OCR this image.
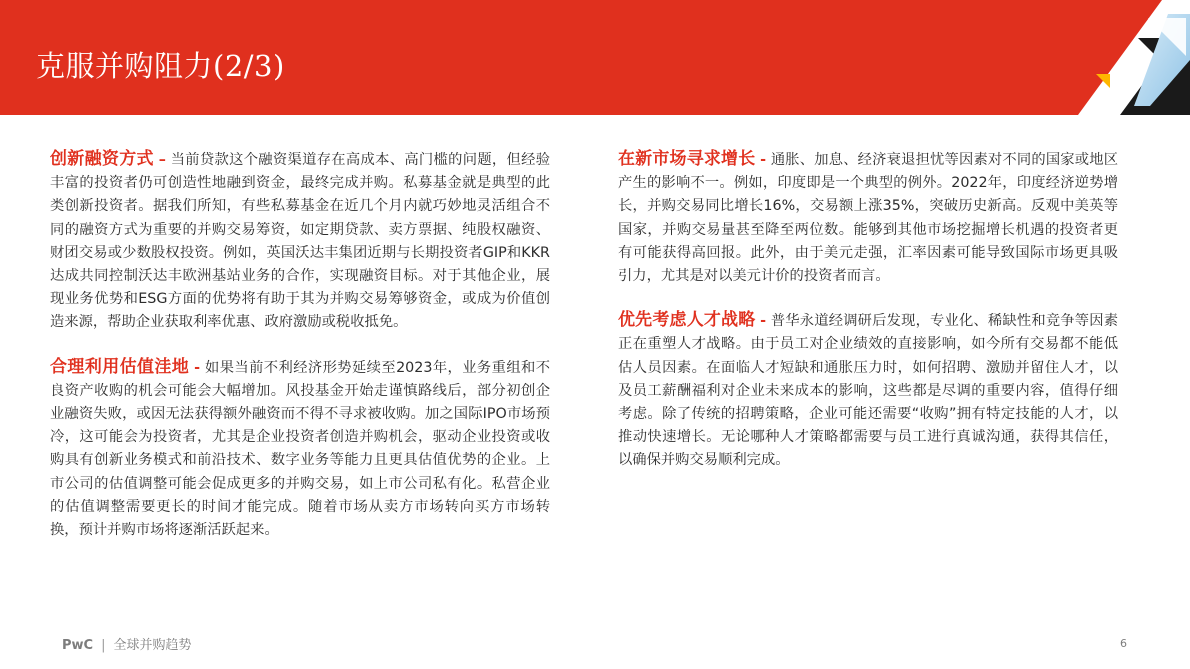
克服并购阻力(2/3)

创新融资方式 – 当前贷款这个融资渠道存在高成本、高门槛的问题，但经验丰富的投资者仍可创造性地融到资金，最终完成并购。私募基金就是典型的此类创新投资者。据我们所知，有些私募基金在近几个月内就巧妙地灵活组合不同的融资方式为重要的并购交易筹资，如定期贷款、卖方票据、纯股权融资、财团交易或少数股权投资。例如，英国沃达丰集团近期与长期投资者GIP和KKR达成共同控制沃达丰欧洲基站业务的合作，实现融资目标。对于其他企业，展现业务优势和ESG方面的优势将有助于其为并购交易筹够资金，或成为价值创造来源，帮助企业获取利率优惠、政府激励或税收抵免。

合理利用估值洼地 - 如果当前不利经济形势延续至2023年，业务重组和不良资产收购的机会可能会大幅增加。风投基金开始走谨慎路线后，部分初创企业融资失败，或因无法获得额外融资而不得不寻求被收购。加之国际IPO市场预冷，这可能会为投资者，尤其是企业投资者创造并购机会，驱动企业投资或收购具有创新业务模式和前沿技术、数字业务等能力且更具估值优势的企业。上市公司的估值调整可能会促成更多的并购交易，如上市公司私有化。私营企业的估值调整需要更长的时间才能完成。随着市场从卖方市场转向买方市场转换，预计并购市场将逐渐活跃起来。

在新市场寻求增长 - 通胀、加息、经济衰退担忧等因素对不同的国家或地区产生的影响不一。例如，印度即是一个典型的例外。2022年，印度经济逆势增长，并购交易同比增长16%，交易额上涨35%，突破历史新高。反观中美英等国家，并购交易量甚至降至两位数。能够到其他市场挖掘增长机遇的投资者更有可能获得高回报。此外，由于美元走强，汇率因素可能导致国际市场更具吸引力，尤其是对以美元计价的投资者而言。

优先考虑人才战略 - 普华永道经调研后发现，专业化、稀缺性和竞争等因素正在重塑人才战略。由于员工对企业绩效的直接影响，如今所有交易都不能低估人员因素。在面临人才短缺和通胀压力时，如何招聘、激励并留住人才，以及员工薪酬福利对企业未来成本的影响，这些都是尽调的重要内容，值得仔细考虑。除了传统的招聘策略，企业可能还需要“收购”拥有特定技能的人才，以推动快速增长。无论哪种人才策略都需要与员工进行真诚沟通，获得其信任，以确保并购交易顺利完成。

PwC | 全球并购趋势	6
